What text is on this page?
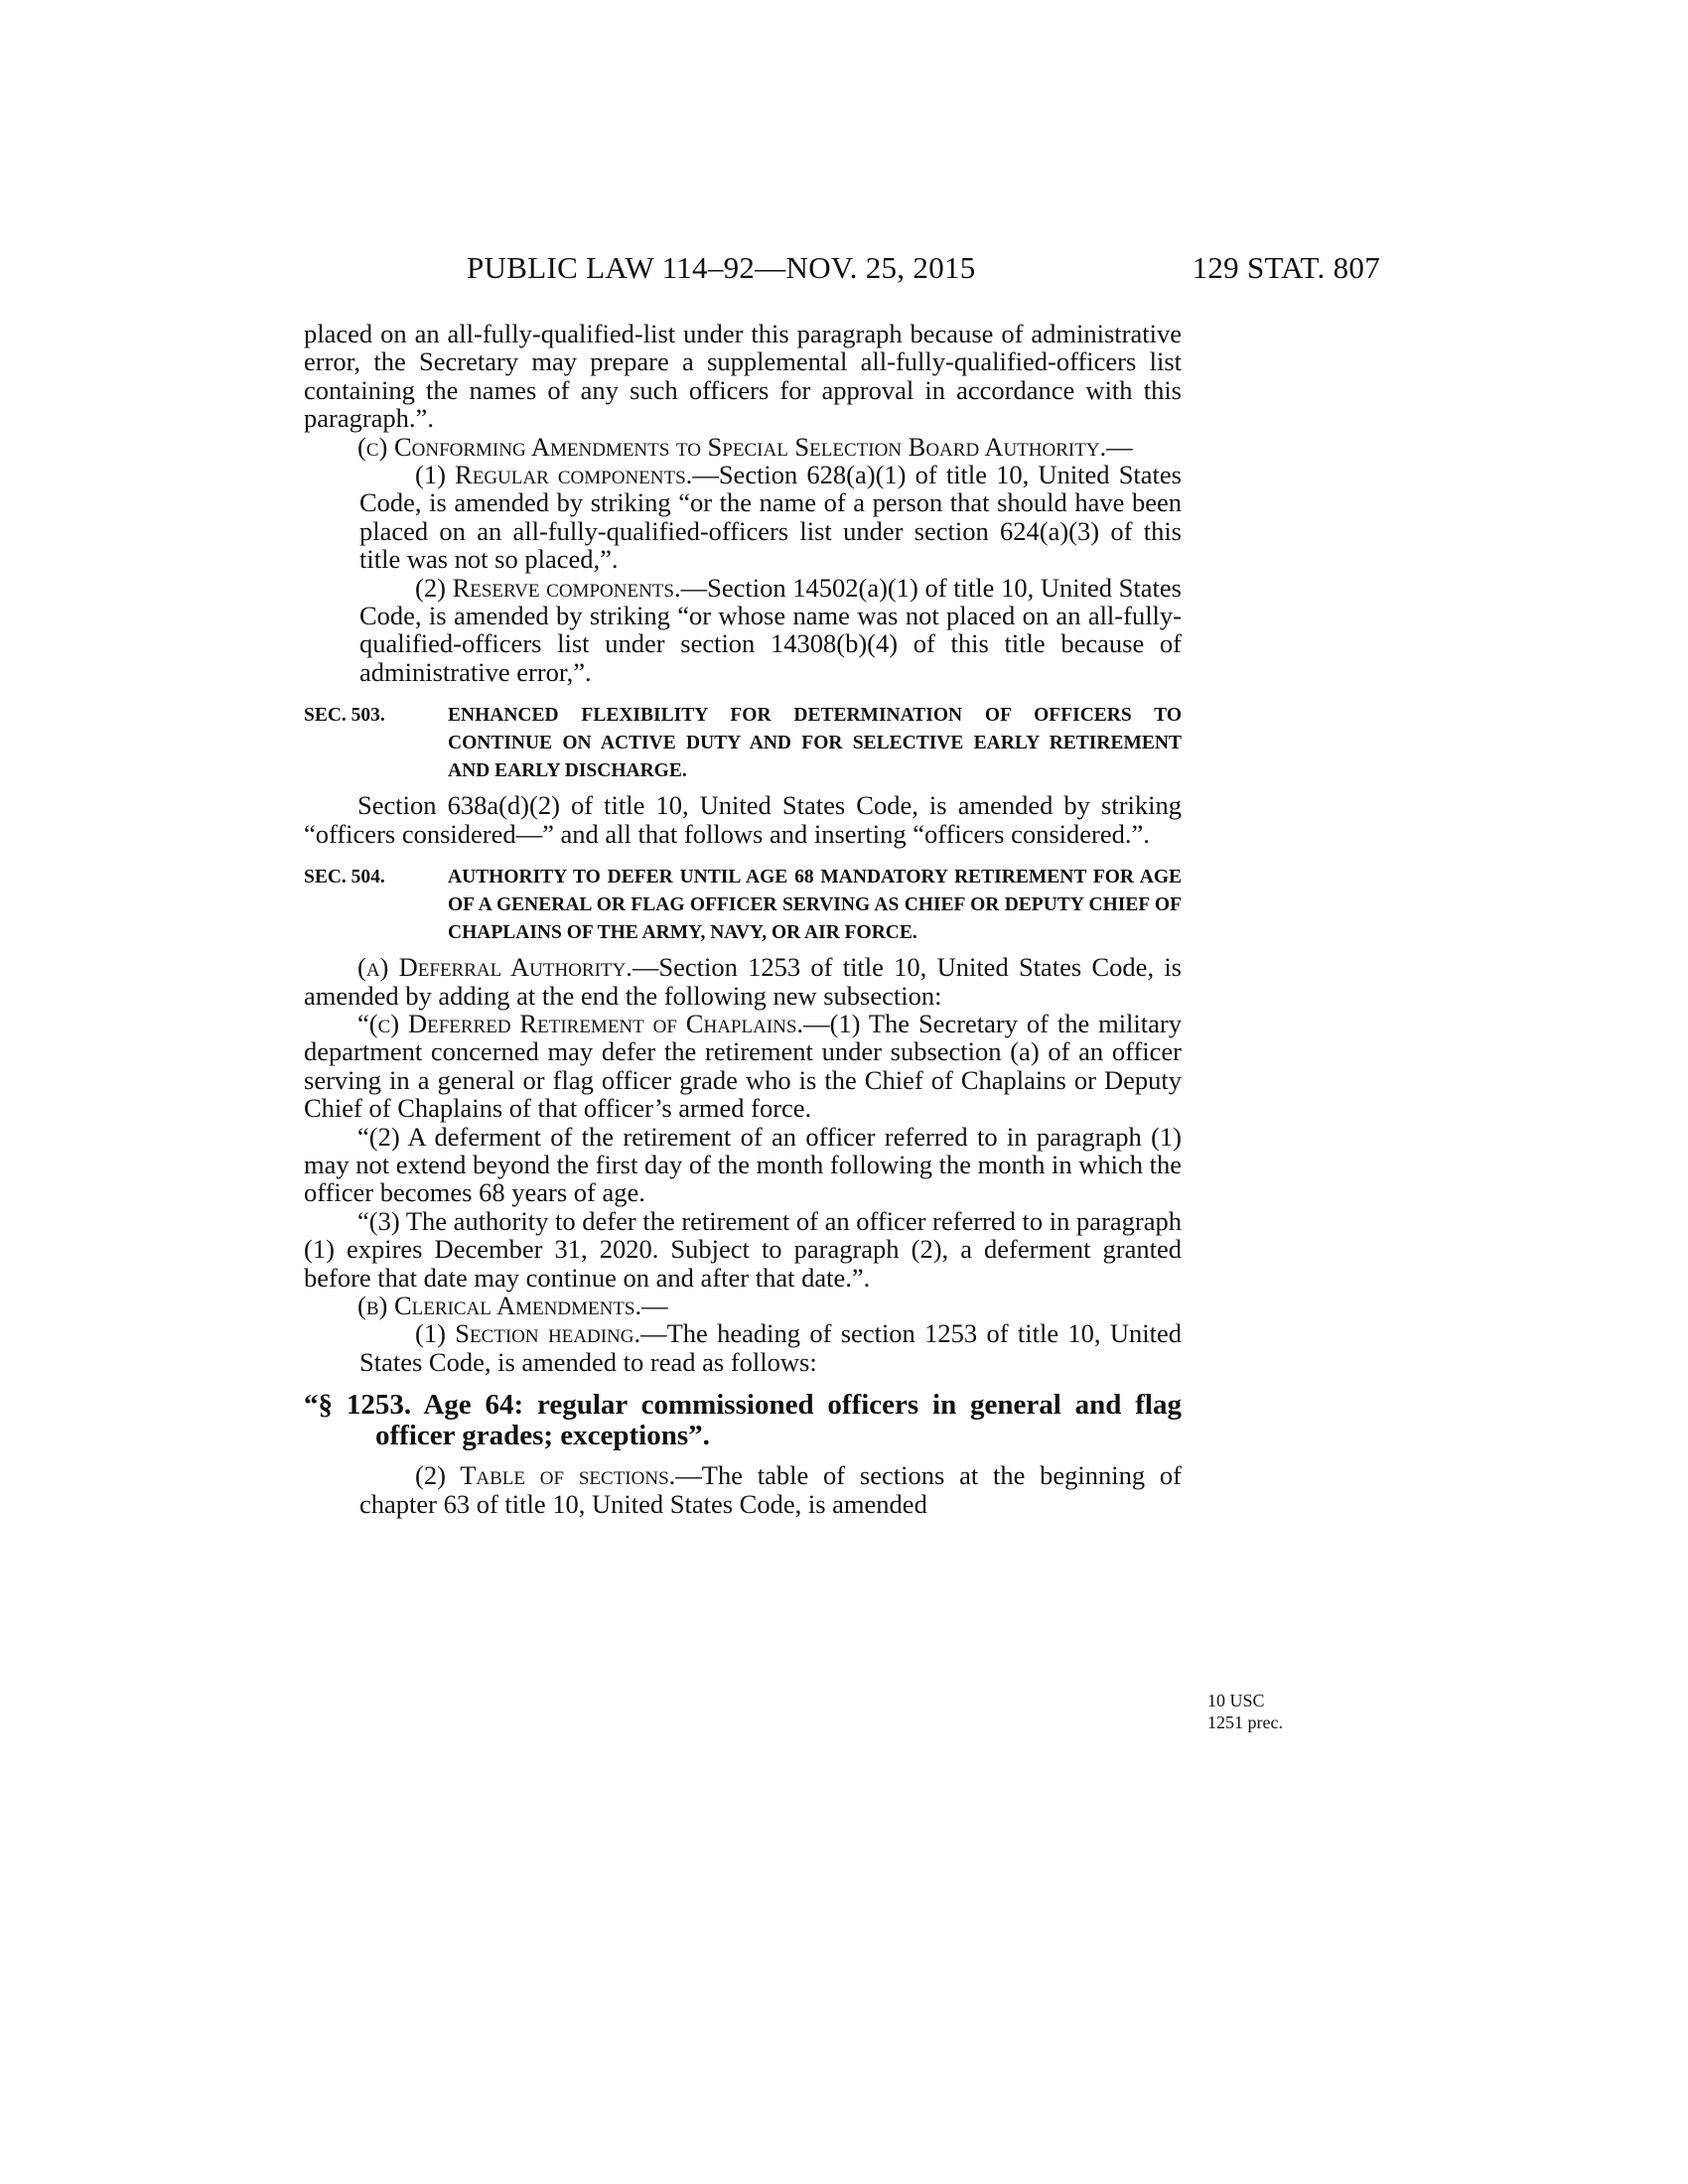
PUBLIC LAW 114–92—NOV. 25, 2015	129 STAT. 807

placed on an all-fully-qualified-list under this paragraph because of administrative error, the Secretary may prepare a supplemental all-fully-qualified-officers list containing the names of any such officers for approval in accordance with this paragraph.”.

(c) Conforming Amendments to Special Selection Board Authority.—

(1) Regular components.—Section 628(a)(1) of title 10, United States Code, is amended by striking “or the name of a person that should have been placed on an all-fully-qualified-officers list under section 624(a)(3) of this title was not so placed,”.

(2) Reserve components.—Section 14502(a)(1) of title 10, United States Code, is amended by striking “or whose name was not placed on an all-fully-qualified-officers list under section 14308(b)(4) of this title because of administrative error,”.

SEC. 503.	ENHANCED FLEXIBILITY FOR DETERMINATION OF OFFICERS TO CONTINUE ON ACTIVE DUTY AND FOR SELECTIVE EARLY RETIREMENT AND EARLY DISCHARGE.

Section 638a(d)(2) of title 10, United States Code, is amended by striking “officers considered—” and all that follows and inserting “officers considered.”.

SEC. 504.	AUTHORITY TO DEFER UNTIL AGE 68 MANDATORY RETIREMENT FOR AGE OF A GENERAL OR FLAG OFFICER SERVING AS CHIEF OR DEPUTY CHIEF OF CHAPLAINS OF THE ARMY, NAVY, OR AIR FORCE.

(a) Deferral Authority.—Section 1253 of title 10, United States Code, is amended by adding at the end the following new subsection:

“(c) Deferred Retirement of Chaplains.—(1) The Secretary of the military department concerned may defer the retirement under subsection (a) of an officer serving in a general or flag officer grade who is the Chief of Chaplains or Deputy Chief of Chaplains of that officer’s armed force.

“(2) A deferment of the retirement of an officer referred to in paragraph (1) may not extend beyond the first day of the month following the month in which the officer becomes 68 years of age.

“(3) The authority to defer the retirement of an officer referred to in paragraph (1) expires December 31, 2020. Subject to paragraph (2), a deferment granted before that date may continue on and after that date.”.

(b) Clerical Amendments.—

(1) Section heading.—The heading of section 1253 of title 10, United States Code, is amended to read as follows:

“§ 1253. Age 64: regular commissioned officers in general and flag officer grades; exceptions”.

(2) Table of sections.—The table of sections at the beginning of chapter 63 of title 10, United States Code, is amended

10 USC
1251 prec.
